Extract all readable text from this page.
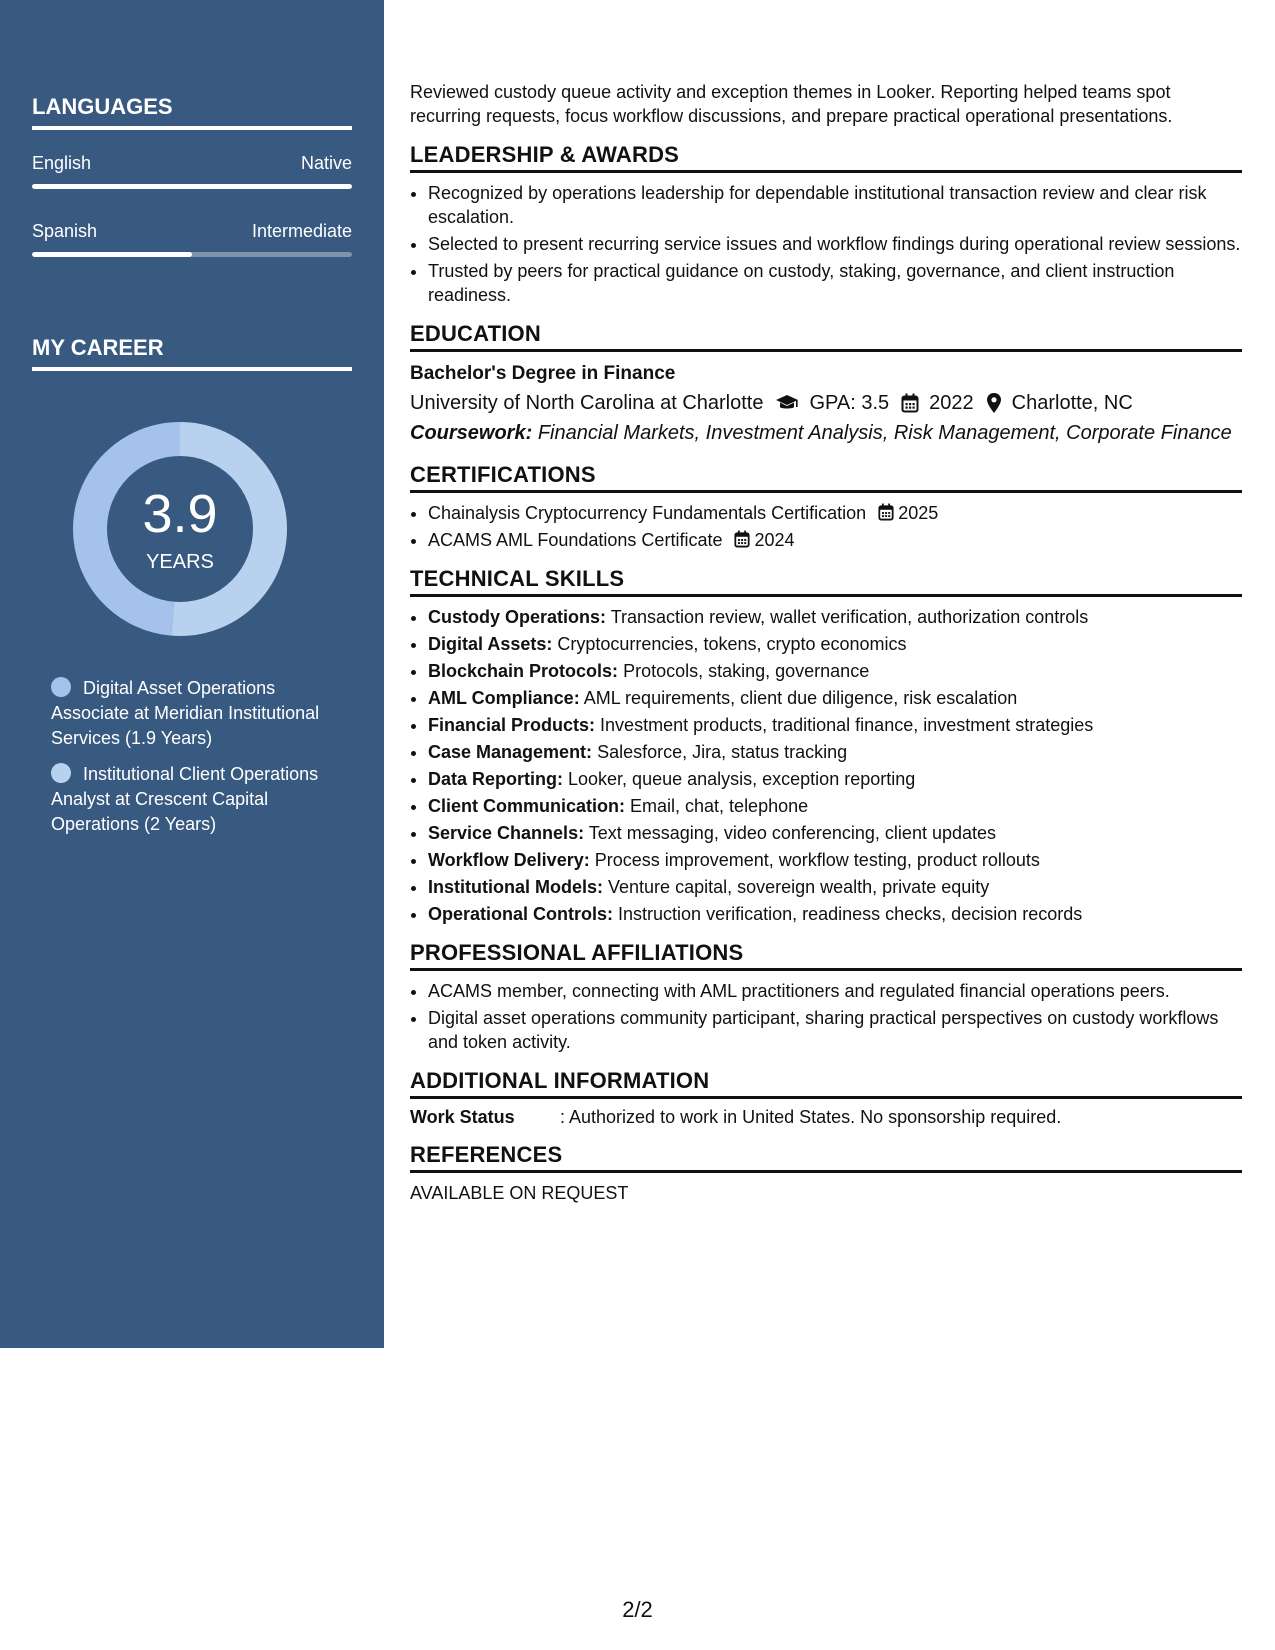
LANGUAGES
English	Native
Spanish	Intermediate
MY CAREER
3.9
YEARS
Digital Asset Operations Associate at Meridian Institutional Services (1.9 Years)
Institutional Client Operations Analyst at Crescent Capital Operations (2 Years)

Reviewed custody queue activity and exception themes in Looker. Reporting helped teams spot recurring requests, focus workflow discussions, and prepare practical operational presentations.

LEADERSHIP & AWARDS
• Recognized by operations leadership for dependable institutional transaction review and clear risk escalation.
• Selected to present recurring service issues and workflow findings during operational review sessions.
• Trusted by peers for practical guidance on custody, staking, governance, and client instruction readiness.
EDUCATION
Bachelor's Degree in Finance
University of North Carolina at Charlotte GPA: 3.5 2022 Charlotte, NC
Coursework: Financial Markets, Investment Analysis, Risk Management, Corporate Finance
CERTIFICATIONS
• Chainalysis Cryptocurrency Fundamentals Certification 2025
• ACAMS AML Foundations Certificate 2024
TECHNICAL SKILLS
• Custody Operations: Transaction review, wallet verification, authorization controls
• Digital Assets: Cryptocurrencies, tokens, crypto economics
• Blockchain Protocols: Protocols, staking, governance
• AML Compliance: AML requirements, client due diligence, risk escalation
• Financial Products: Investment products, traditional finance, investment strategies
• Case Management: Salesforce, Jira, status tracking
• Data Reporting: Looker, queue analysis, exception reporting
• Client Communication: Email, chat, telephone
• Service Channels: Text messaging, video conferencing, client updates
• Workflow Delivery: Process improvement, workflow testing, product rollouts
• Institutional Models: Venture capital, sovereign wealth, private equity
• Operational Controls: Instruction verification, readiness checks, decision records
PROFESSIONAL AFFILIATIONS
• ACAMS member, connecting with AML practitioners and regulated financial operations peers.
• Digital asset operations community participant, sharing practical perspectives on custody workflows and token activity.
ADDITIONAL INFORMATION
Work Status	: Authorized to work in United States. No sponsorship required.
REFERENCES
AVAILABLE ON REQUEST
2/2
